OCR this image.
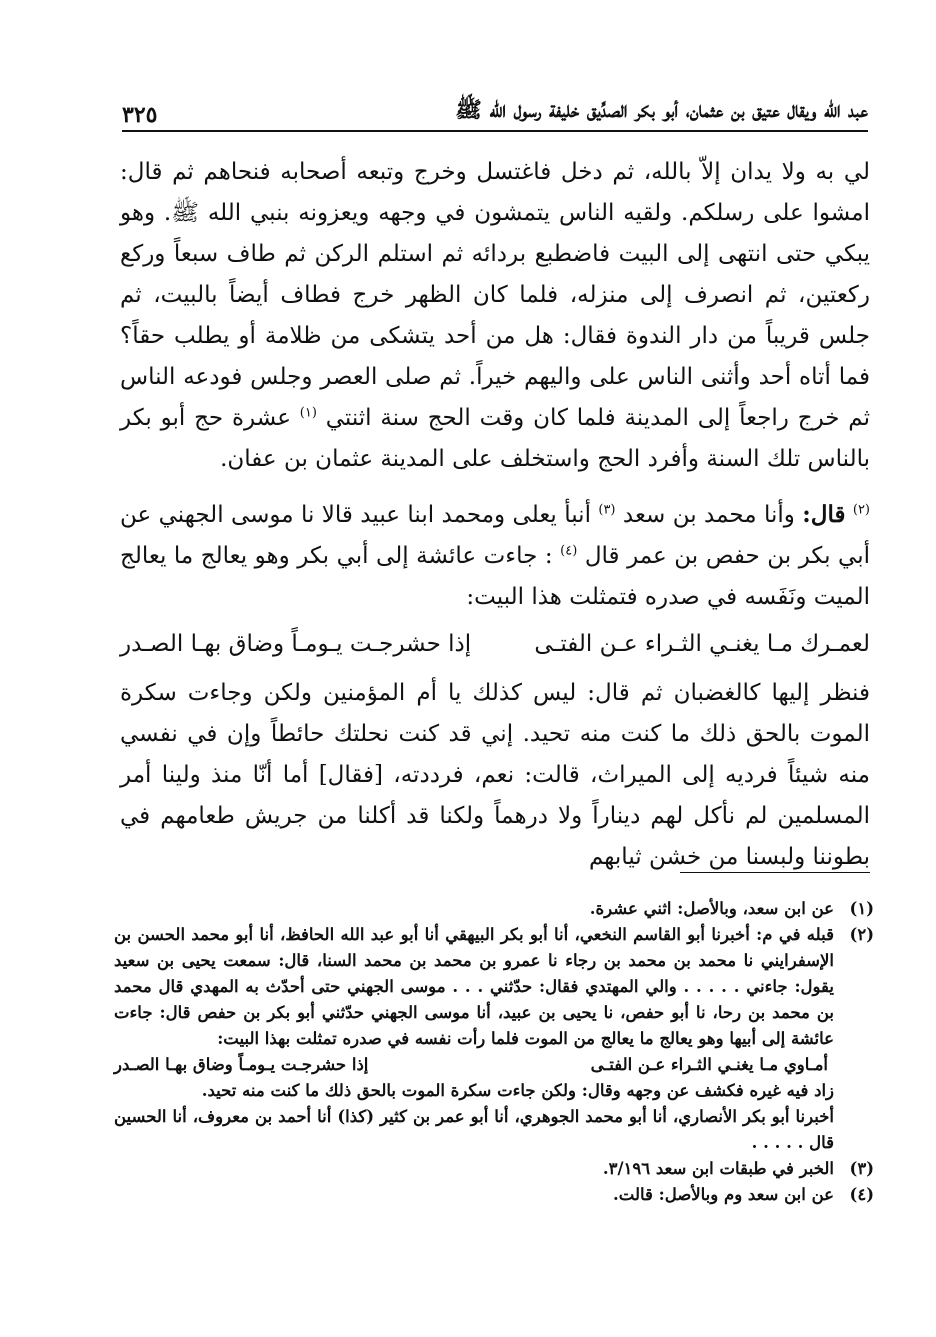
عبد الله ويقال عتيق بن عثمان، أبو بكر الصدِّيق خليفة رسول الله ﷺ
٣٢٥

لي به ولا يدان إلاّ بالله، ثم دخل فاغتسل وخرج وتبعه أصحابه فنحاهم ثم قال: امشوا على رسلكم. ولقيه الناس يتمشون في وجهه ويعزونه بنبي الله ﷺ. وهو يبكي حتى انتهى إلى البيت فاضطبع بردائه ثم استلم الركن ثم طاف سبعاً وركع ركعتين، ثم انصرف إلى منزله، فلما كان الظهر خرج فطاف أيضاً بالبيت، ثم جلس قريباً من دار الندوة فقال: هل من أحد يتشكى من ظلامة أو يطلب حقاً؟ فما أتاه أحد وأثنى الناس على واليهم خيراً. ثم صلى العصر وجلس فودعه الناس ثم خرج راجعاً إلى المدينة فلما كان وقت الحج سنة اثنتي $^{(١)}$ عشرة حج أبو بكر بالناس تلك السنة وأفرد الحج واستخلف على المدينة عثمان بن عفان.

$^{(٢)}$ قال: وأنا محمد بن سعد $^{(٣)}$ أنبأ يعلى ومحمد ابنا عبيد قالا نا موسى الجهني عن أبي بكر بن حفص بن عمر قال $^{(٤)}$ : جاءت عائشة إلى أبي بكر وهو يعالج ما يعالج الميت ونَفَسه في صدره فتمثلت هذا البيت:

لعمـرك مـا يغنـي الثـراء عـن الفتـى
إذا حشرجـت يـومـاً وضاق بهـا الصـدر

فنظر إليها كالغضبان ثم قال: ليس كذلك يا أم المؤمنين ولكن وجاءت سكرة الموت بالحق ذلك ما كنت منه تحيد. إني قد كنت نحلتك حائطاً وإن في نفسي منه شيئاً فرديه إلى الميراث، قالت: نعم، فرددته، [فقال] أما أنّا منذ ولينا أمر المسلمين لم نأكل لهم ديناراً ولا درهماً ولكنا قد أكلنا من جريش طعامهم في بطوننا ولبسنا من خشن ثيابهم

(١)

عن ابن سعد، وبالأصل: اثني عشرة.

(٢)

قبله في م: أخبرنا أبو القاسم النخعي، أنا أبو بكر البيهقي أنا أبو عبد الله الحافظ، أنا أبو محمد الحسن بن الإسفرايني نا محمد بن محمد بن رجاء نا عمرو بن محمد بن محمد السنا، قال: سمعت يحيى بن سعيد يقول: جاءني . . . . . والي المهتدي فقال: حدّثني . . . موسى الجهني حتى أحدّث به المهدي قال محمد بن محمد بن رحا، نا أبو حفص، نا يحيى بن عبيد، أنا موسى الجهني حدّثني أبو بكر بن حفص قال: جاءت عائشة إلى أبيها وهو يعالج ما يعالج من الموت فلما رأت نفسه في صدره تمثلت بهذا البيت:

أمـاوي مـا يغنـي الثـراء عـن الفتـى
إذا حشرجـت يـومـاً وضاق بهـا الصـدر

زاد فيه غيره فكشف عن وجهه وقال: ولكن جاءت سكرة الموت بالحق ذلك ما كنت منه تحيد.

أخبرنا أبو بكر الأنصاري، أنا أبو محمد الجوهري، أنا أبو عمر بن كثير (كذا) أنا أحمد بن معروف، أنا الحسين قال . . . . .

(٣)

الخبر في طبقات ابن سعد ٣/١٩٦.

(٤)

عن ابن سعد وم وبالأصل: قالت.
